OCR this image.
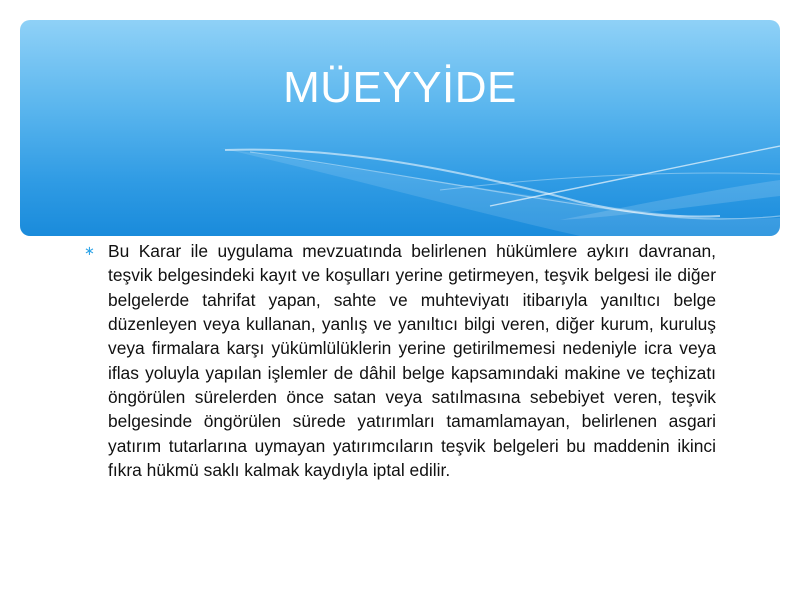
MÜEYYİDE
∗ Bu Karar ile uygulama mevzuatında belirlenen hükümlere aykırı davranan, teşvik belgesindeki kayıt ve koşulları yerine getirmeyen, teşvik belgesi ile diğer belgelerde tahrifat yapan, sahte ve muhteviyatı itibarıyla yanıltıcı belge düzenleyen veya kullanan, yanlış ve yanıltıcı bilgi veren, diğer kurum, kuruluş veya firmalara karşı yükümlülüklerin yerine getirilmemesi nedeniyle icra veya iflas yoluyla yapılan işlemler de dâhil belge kapsamındaki makine ve teçhizatı öngörülen sürelerden önce satan veya satılmasına sebebiyet veren, teşvik belgesinde öngörülen sürede yatırımları tamamlamayan, belirlenen asgari yatırım tutarlarına uymayan yatırımcıların teşvik belgeleri bu maddenin ikinci fıkra hükmü saklı kalmak kaydıyla iptal edilir.
